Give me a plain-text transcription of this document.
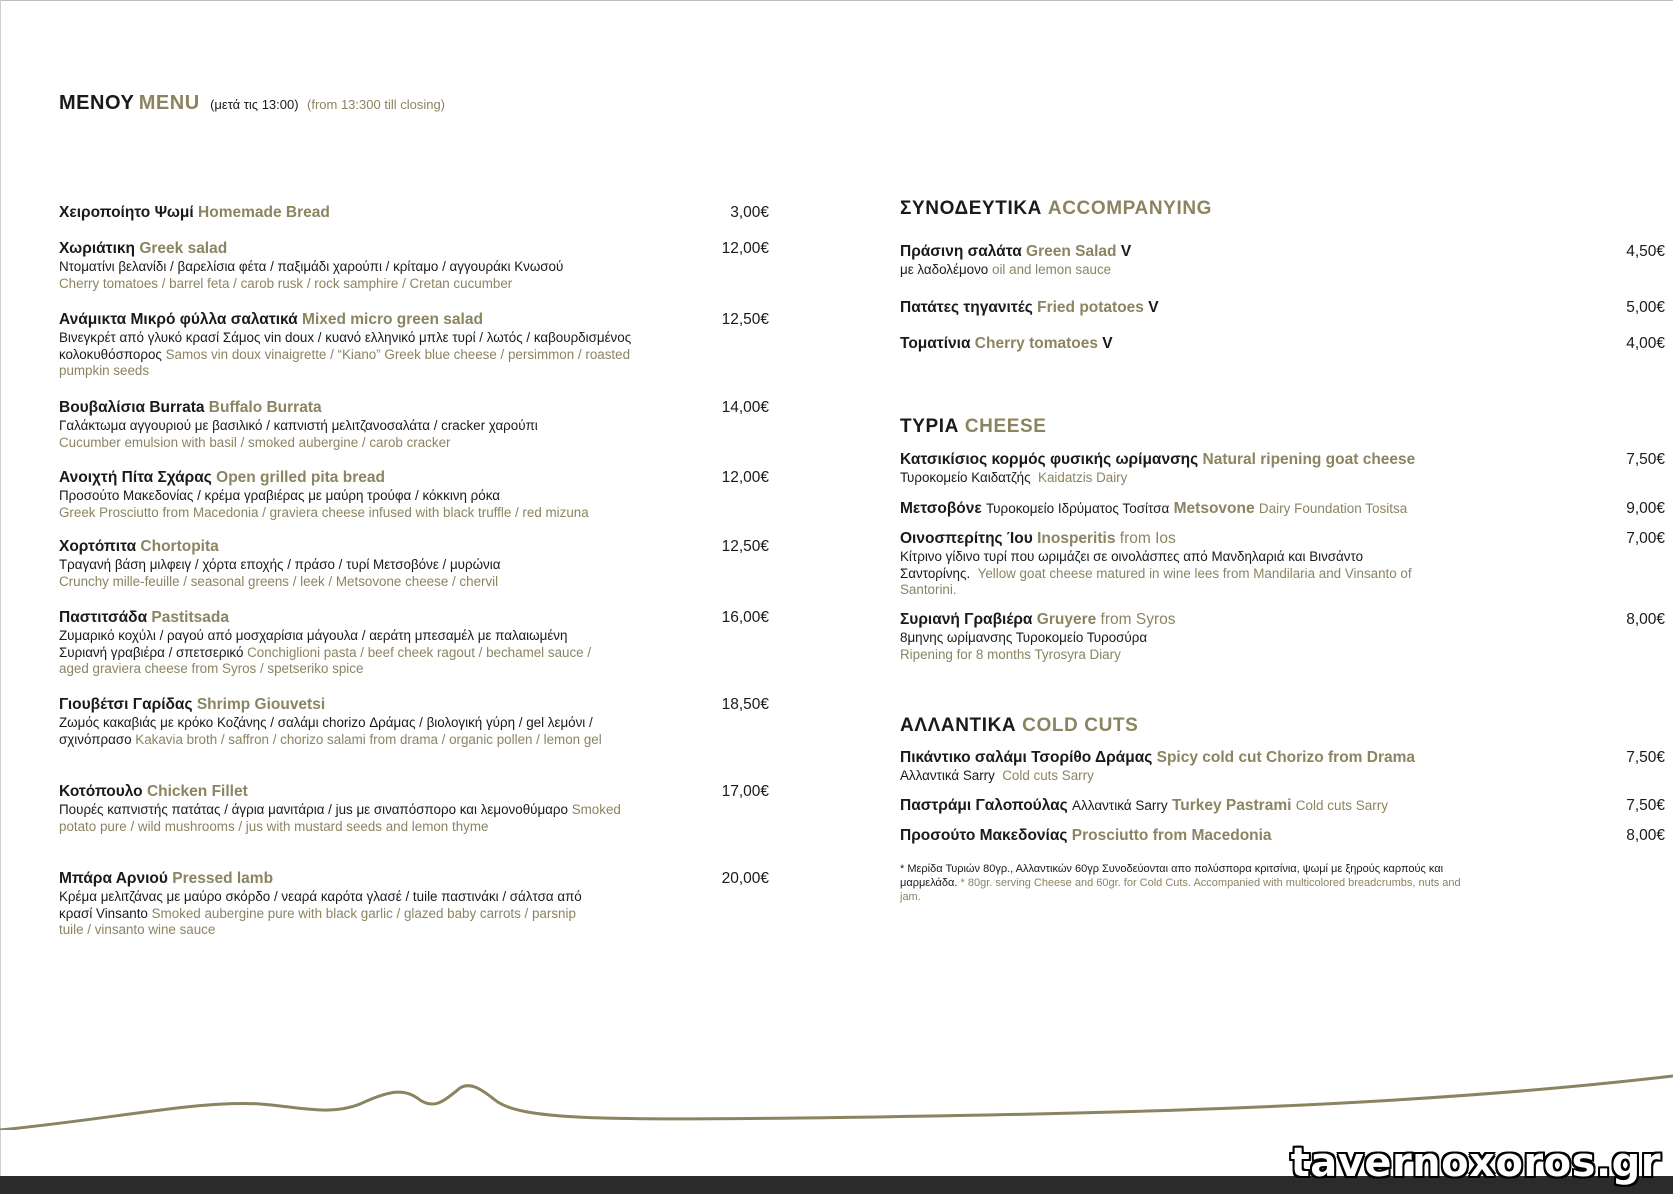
ΜΕΝΟΥ MENU (μετά τις 13:00) (from 13:300 till closing)
Χειροποίητο Ψωμί Homemade Bread	3,00€
Χωριάτικη Greek salad	12,00€
Ντοματίνι βελανίδι / βαρελίσια φέτα / παξιμάδι χαρούπι / κρίταμο / αγγουράκι Κνωσού
Cherry tomatoes / barrel feta / carob rusk / rock samphire / Cretan cucumber
Ανάμικτα Μικρό φύλλα σαλατικά Mixed micro green salad	12,50€
Βινεγκρέτ από γλυκό κρασί Σάμος vin doux / κυανό ελληνικό μπλε τυρί / λωτός / καβουρδισμένος κολοκυθόσπορος Samos vin doux vinaigrette / “Kiano” Greek blue cheese / persimmon / roasted pumpkin seeds
Βουβαλίσια Burrata Buffalo Burrata	14,00€
Γαλάκτωμα αγγουριού με βασιλικό / καπνιστή μελιτζανοσαλάτα / cracker χαρούπι
Cucumber emulsion with basil / smoked aubergine / carob cracker
Ανοιχτή Πίτα Σχάρας Open grilled pita bread	12,00€
Προσούτο Μακεδονίας / κρέμα γραβιέρας με μαύρη τρούφα / κόκκινη ρόκα
Greek Prosciutto from Macedonia / graviera cheese infused with black truffle / red mizuna
Χορτόπιτα Chortopita	12,50€
Τραγανή βάση μιλφειγ / χόρτα εποχής / πράσο / τυρί Μετσοβόνε / μυρώνια
Crunchy mille-feuille / seasonal greens / leek / Metsovone cheese / chervil
Παστιτσάδα Pastitsada	16,00€
Ζυμαρικό κοχύλι / ραγού από μοσχαρίσια μάγουλα / αεράτη μπεσαμέλ με παλαιωμένη Συριανή γραβιέρα / σπετσερικό Conchiglioni pasta / beef cheek ragout / bechamel sauce / aged graviera cheese from Syros / spetseriko spice
Γιουβέτσι Γαρίδας Shrimp Giouvetsi	18,50€
Ζωμός κακαβιάς με κρόκο Κοζάνης / σαλάμι chorizo Δράμας / βιολογική γύρη / gel λεμόνι / σχινόπρασο Kakavia broth / saffron / chorizo salami from drama / organic pollen / lemon gel
Κοτόπουλο Chicken Fillet	17,00€
Πουρές καπνιστής πατάτας / άγρια μανιτάρια / jus με σιναπόσπορο και λεμονοθύμαρο Smoked potato pure / wild mushrooms / jus with mustard seeds and lemon thyme
Μπάρα Αρνιού Pressed lamb	20,00€
Κρέμα μελιτζάνας με μαύρο σκόρδο / νεαρά καρότα γλασέ / tuile παστινάκι / σάλτσα από κρασί Vinsanto Smoked aubergine pure with black garlic / glazed baby carrots / parsnip tuile / vinsanto wine sauce
ΣΥΝΟΔΕΥΤΙΚΑ ACCOMPANYING
Πράσινη σαλάτα Green Salad V	4,50€
με λαδολέμονο oil and lemon sauce
Πατάτες τηγανιτές Fried potatoes V	5,00€
Τοματίνια Cherry tomatoes V	4,00€
ΤΥΡΙΑ CHEESE
Κατσικίσιος κορμός φυσικής ωρίμανσης Natural ripening goat cheese	7,50€
Τυροκομείο Καιδατζής Kaidatzis Dairy
Μετσοβόνε Τυροκομείο Ιδρύματος Τοσίτσα Metsovone Dairy Foundation Tositsa	9,00€
Οινοσπερίτης Ίου Inosperitis from Ios	7,00€
Κίτρινο γίδινο τυρί που ωριμάζει σε οινολάσπες από Μανδηλαριά και Βινσάντο Σαντορίνης. Yellow goat cheese matured in wine lees from Mandilaria and Vinsanto of Santorini.
Συριανή Γραβιέρα Gruyere from Syros	8,00€
8μηνης ωρίμανσης Τυροκομείο Τυροσύρα
Ripening for 8 months Tyrosyra Diary
ΑΛΛΑΝΤΙΚΑ COLD CUTS
Πικάντικο σαλάμι Τσορίθο Δράμας Spicy cold cut Chorizo from Drama	7,50€
Αλλαντικά Sarry Cold cuts Sarry
Παστράμι Γαλοπούλας Αλλαντικά Sarry Turkey Pastrami Cold cuts Sarry	7,50€
Προσούτο Μακεδονίας Prosciutto from Macedonia	8,00€
* Μερίδα Τυριών 80γρ., Αλλαντικών 60γρ Συνοδεύονται απο πολύσπορα κριτσίνια, ψωμί με ξηρούς καρπούς και μαρμελάδα. * 80gr. serving Cheese and 60gr. for Cold Cuts. Accompanied with multicolored breadcrumbs, nuts and jam.
tavernoxoros.gr
